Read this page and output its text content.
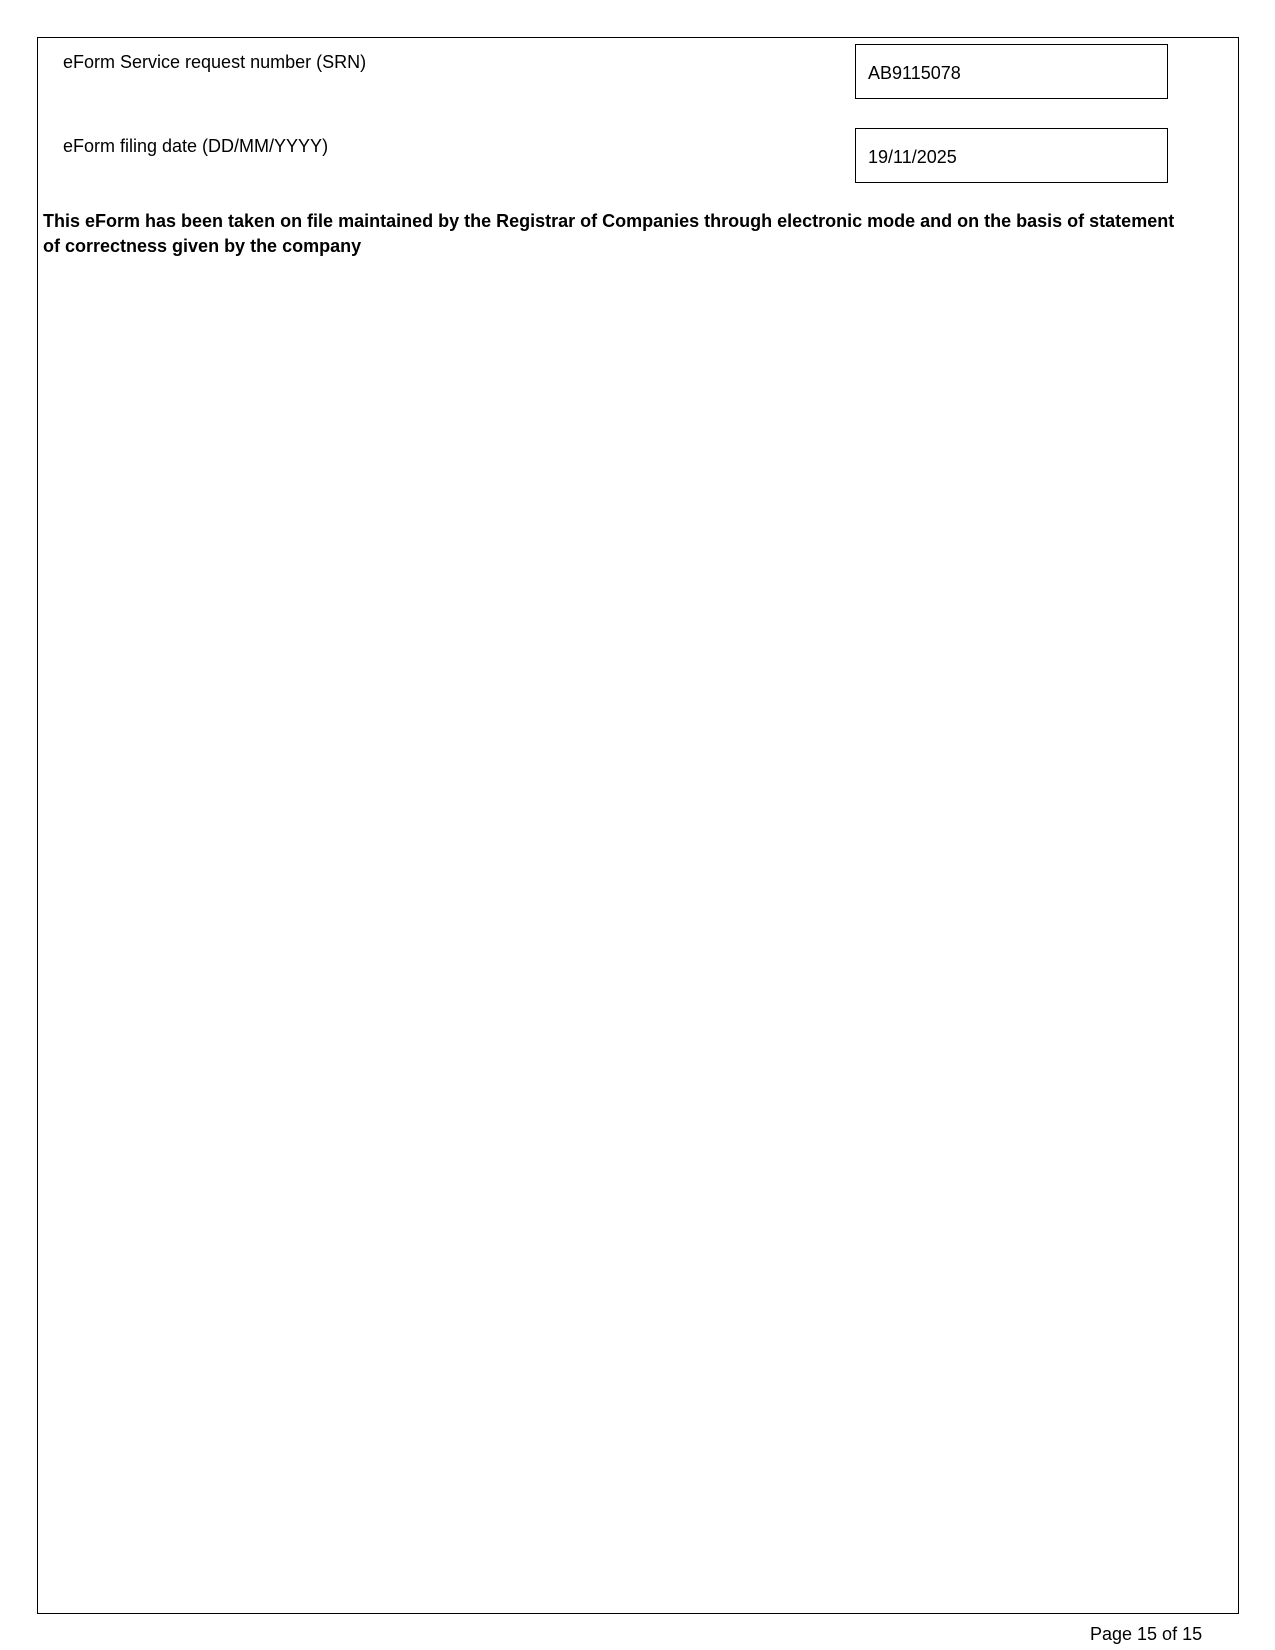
eForm Service request number (SRN)
AB9115078
eForm filing date (DD/MM/YYYY)
19/11/2025
This eForm has been taken on file maintained by the Registrar of Companies through electronic mode and on the basis of statement of correctness given by the company
Page 15 of 15
